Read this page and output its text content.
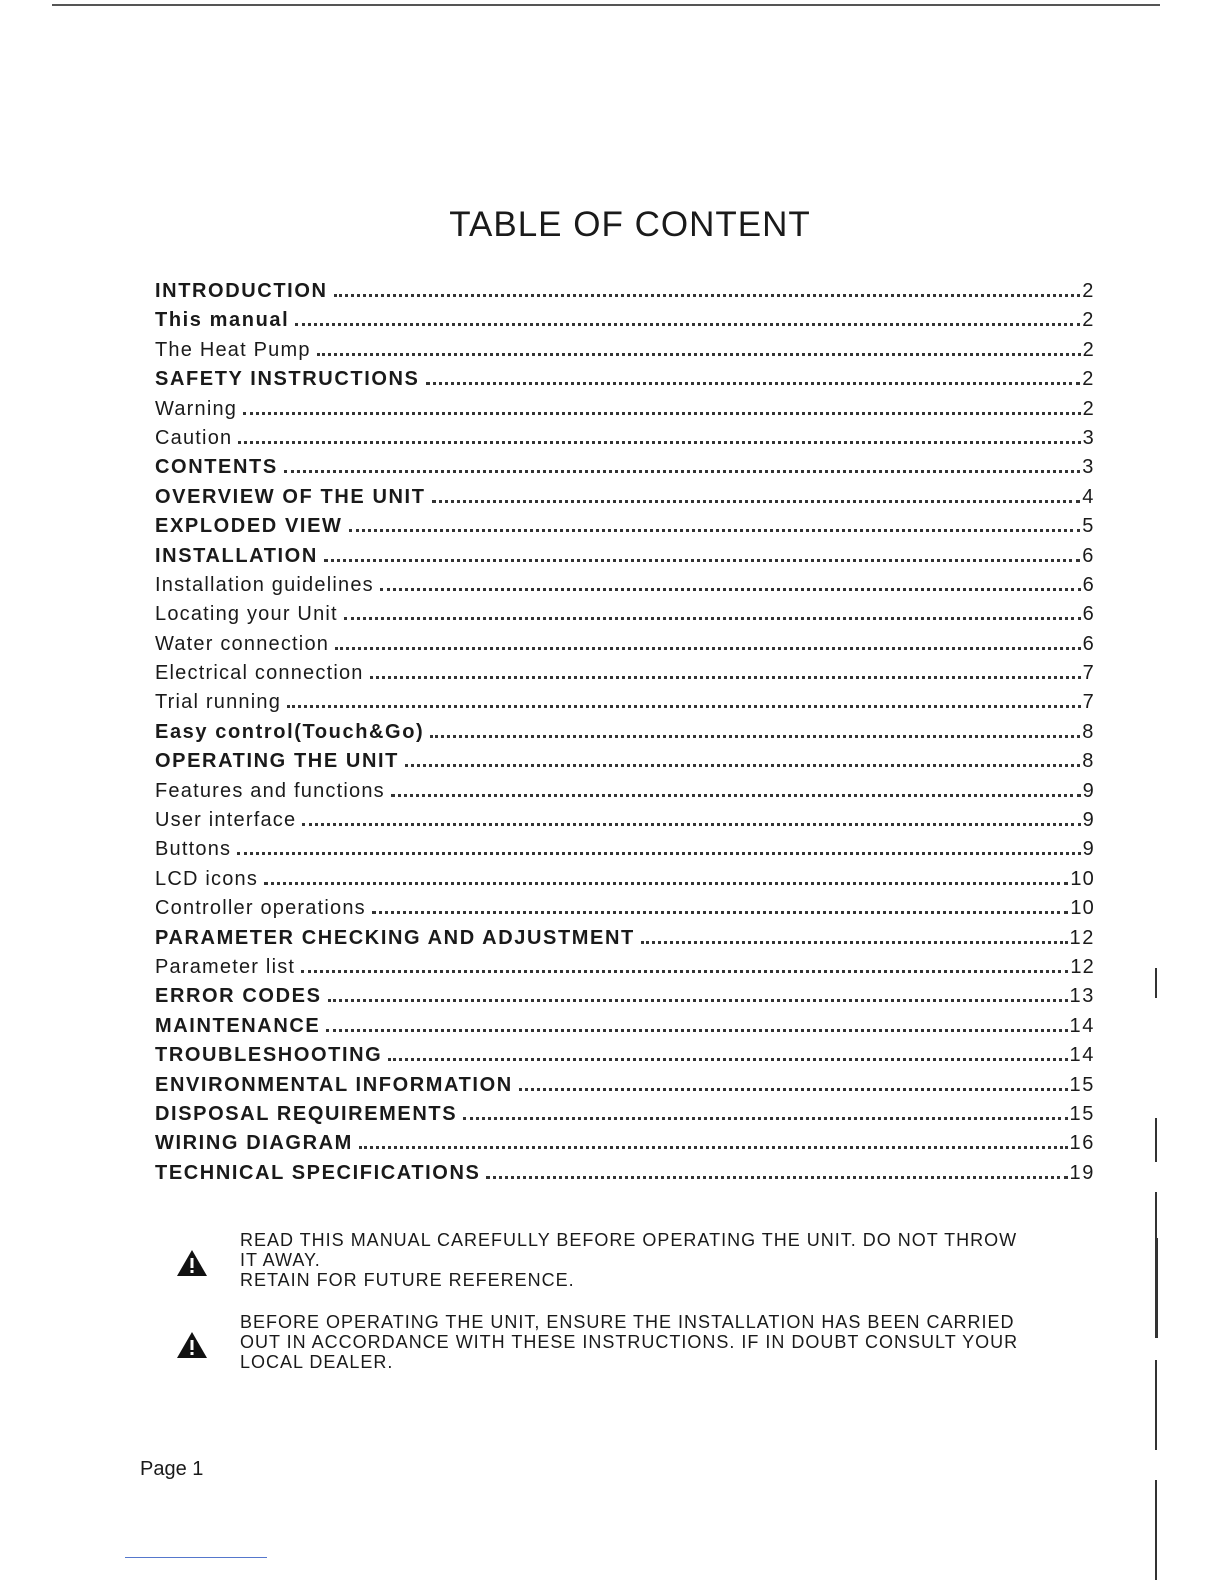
TABLE OF CONTENT
INTRODUCTION	2
This manual	2
The Heat Pump	2
SAFETY INSTRUCTIONS	2
Warning	2
Caution	3
CONTENTS	3
OVERVIEW OF THE UNIT	4
EXPLODED VIEW	5
INSTALLATION	6
Installation guidelines	6
Locating your Unit	6
Water connection	6
Electrical connection	7
Trial running	7
Easy control(Touch&Go)	8
OPERATING THE UNIT	8
Features and functions	9
User interface	9
Buttons	9
LCD icons	10
Controller operations	10
PARAMETER CHECKING AND ADJUSTMENT	12
Parameter list	12
ERROR CODES	13
MAINTENANCE	14
TROUBLESHOOTING	14
ENVIRONMENTAL INFORMATION	15
DISPOSAL REQUIREMENTS	15
WIRING DIAGRAM	16
TECHNICAL SPECIFICATIONS	19
READ THIS MANUAL CAREFULLY BEFORE OPERATING THE UNIT. DO NOT THROW
IT AWAY.
RETAIN FOR FUTURE REFERENCE.
BEFORE OPERATING THE UNIT, ENSURE THE INSTALLATION HAS BEEN CARRIED
OUT IN ACCORDANCE WITH THESE INSTRUCTIONS. IF IN DOUBT CONSULT YOUR
LOCAL DEALER.

Page 1
